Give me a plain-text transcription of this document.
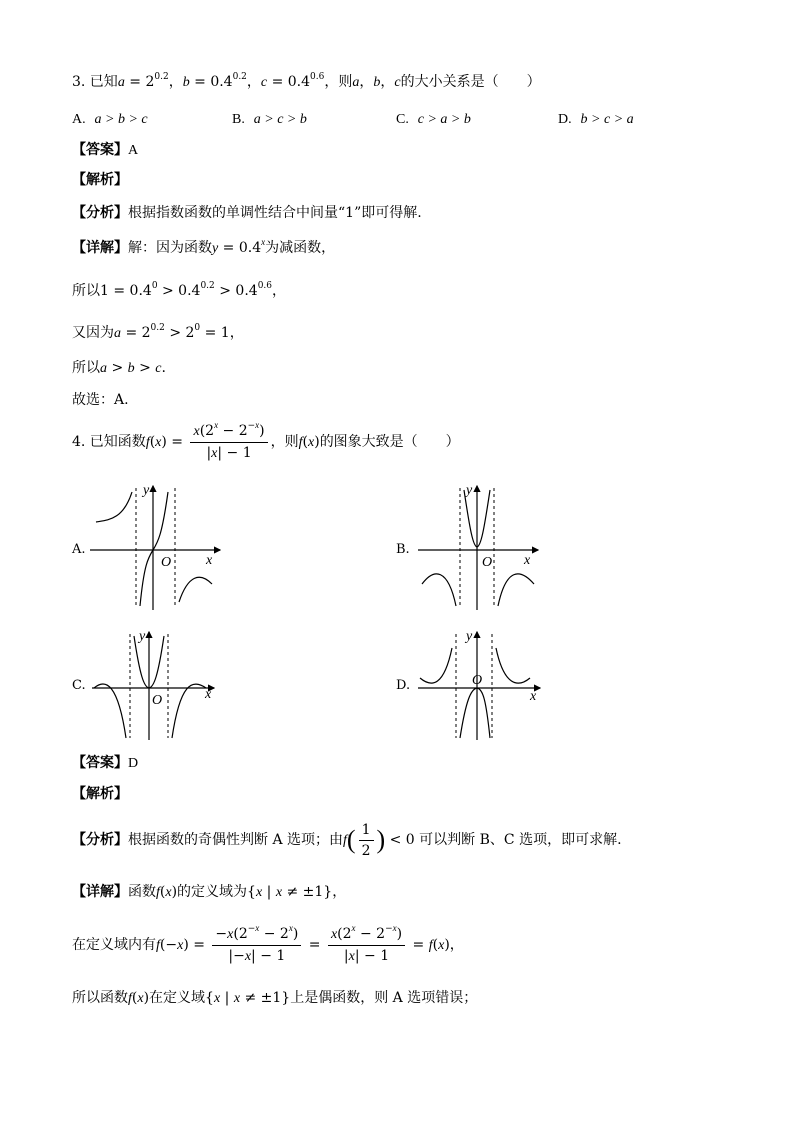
3. 已知$a = 2^{0.2}$，$b = 0.4^{0.2}$，$c = 0.4^{0.6}$，则a，b，c的大小关系是（　　）
A. a > b > c	B. a > c > b	C. c > a > b	D. b > c > a
【答案】A
【解析】
【分析】根据指数函数的单调性结合中间量“1”即可得解.
【详解】解：因为函数$y = 0.4^x$为减函数，
所以$1 = 0.4^0 > 0.4^{0.2} > 0.4^{0.6}$，
又因为$a = 2^{0.2} > 2^0 = 1$，
所以a > b > c.
故选：A.
4. 已知函数$f(x) = \frac{x(2^x - 2^{-x})}{|x| - 1}$ ，则f(x)的图象大致是（　　）
A.	B.
C.	D.
y
x
O
y
x
O
y
x
O
y
x
O
【答案】D
【解析】
【分析】根据函数的奇偶性判断 A 选项；由$f( \frac{1}{2}$ ) < 0 可以判断 B、C 选项，即可求解.
【详解】函数f(x)的定义域为{x | x ≠ ±1}，
在定义域内有$f(-x) = \frac{-x(2^{-x} - 2^x)}{|-x| - 1} = \frac{x(2^x - 2^{-x})}{|x| - 1} = f(x)$，
所以函数f(x)在定义域{x | x ≠ ±1}上是偶函数，则 A 选项错误；
